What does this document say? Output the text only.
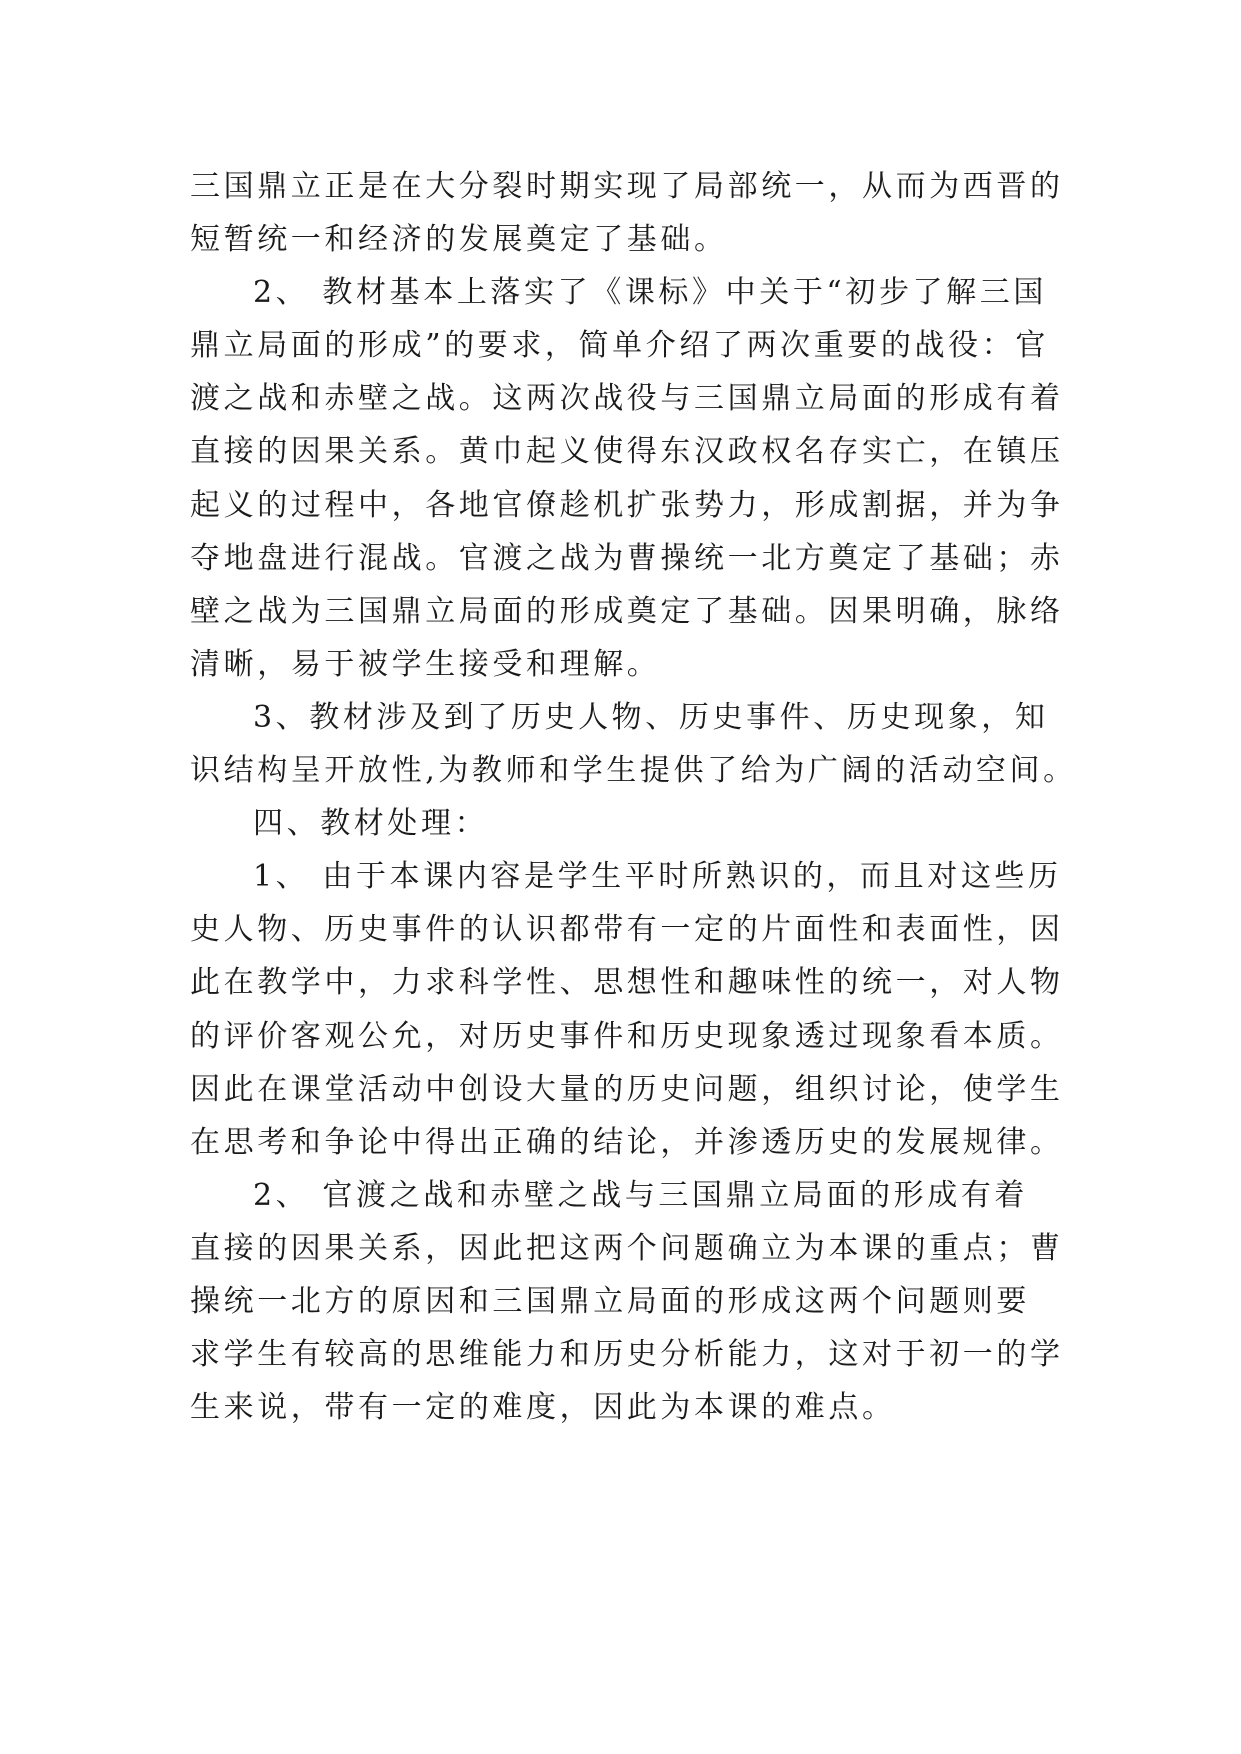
三国鼎立正是在大分裂时期实现了局部统一，从而为西晋的
短暂统一和经济的发展奠定了基础。
2、 教材基本上落实了《课标》中关于“初步了解三国
鼎立局面的形成”的要求，简单介绍了两次重要的战役：官
渡之战和赤壁之战。这两次战役与三国鼎立局面的形成有着
直接的因果关系。黄巾起义使得东汉政权名存实亡，在镇压
起义的过程中，各地官僚趁机扩张势力，形成割据，并为争
夺地盘进行混战。官渡之战为曹操统一北方奠定了基础；赤
壁之战为三国鼎立局面的形成奠定了基础。因果明确，脉络
清晰，易于被学生接受和理解。
3、教材涉及到了历史人物、历史事件、历史现象，知
识结构呈开放性,为教师和学生提供了给为广阔的活动空间。
四、教材处理：
1、 由于本课内容是学生平时所熟识的，而且对这些历
史人物、历史事件的认识都带有一定的片面性和表面性，因
此在教学中，力求科学性、思想性和趣味性的统一，对人物
的评价客观公允，对历史事件和历史现象透过现象看本质。
因此在课堂活动中创设大量的历史问题，组织讨论，使学生
在思考和争论中得出正确的结论，并渗透历史的发展规律。
2、 官渡之战和赤壁之战与三国鼎立局面的形成有着
直接的因果关系，因此把这两个问题确立为本课的重点；曹
操统一北方的原因和三国鼎立局面的形成这两个问题则要
求学生有较高的思维能力和历史分析能力，这对于初一的学
生来说，带有一定的难度，因此为本课的难点。
